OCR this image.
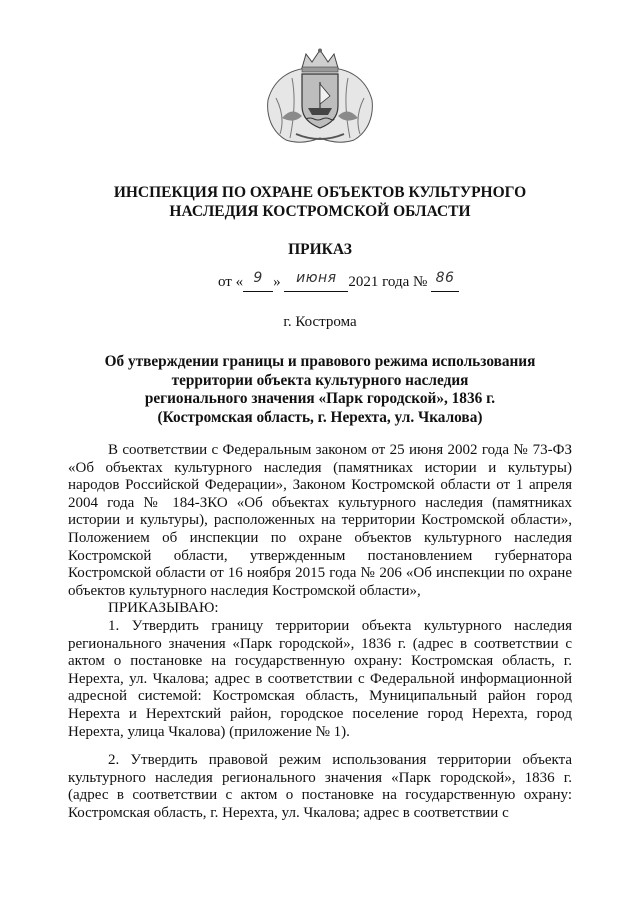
ИНСПЕКЦИЯ ПО ОХРАНЕ ОБЪЕКТОВ КУЛЬТУРНОГО
НАСЛЕДИЯ КОСТРОМСКОЙ ОБЛАСТИ
ПРИКАЗ
от « 9 » июня 2021 года № 86
г. Кострома
Об утверждении границы и правового режима использования
территории объекта культурного наследия
регионального значения «Парк городской», 1836 г.
(Костромская область, г. Нерехта, ул. Чкалова)

В соответствии с Федеральным законом от 25 июня 2002 года № 73-ФЗ «Об объектах культурного наследия (памятниках истории и культуры) народов Российской Федерации», Законом Костромской области от 1 апреля 2004 года № 184-ЗКО «Об объектах культурного наследия (памятниках истории и культуры), расположенных на территории Костромской области», Положением об инспекции по охране объектов культурного наследия Костромской области, утвержденным постановлением губернатора Костромской области от 16 ноября 2015 года № 206 «Об инспекции по охране объектов культурного наследия Костромской области»,

ПРИКАЗЫВАЮ:

1. Утвердить границу территории объекта культурного наследия регионального значения «Парк городской», 1836 г. (адрес в соответствии с актом о постановке на государственную охрану: Костромская область, г. Нерехта, ул. Чкалова; адрес в соответствии с Федеральной информационной адресной системой: Костромская область, Муниципальный район город Нерехта и Нерехтский район, городское поселение город Нерехта, город Нерехта, улица Чкалова) (приложение № 1).

2. Утвердить правовой режим использования территории объекта культурного наследия регионального значения «Парк городской», 1836 г. (адрес в соответствии с актом о постановке на государственную охрану: Костромская область, г. Нерехта, ул. Чкалова; адрес в соответствии с
